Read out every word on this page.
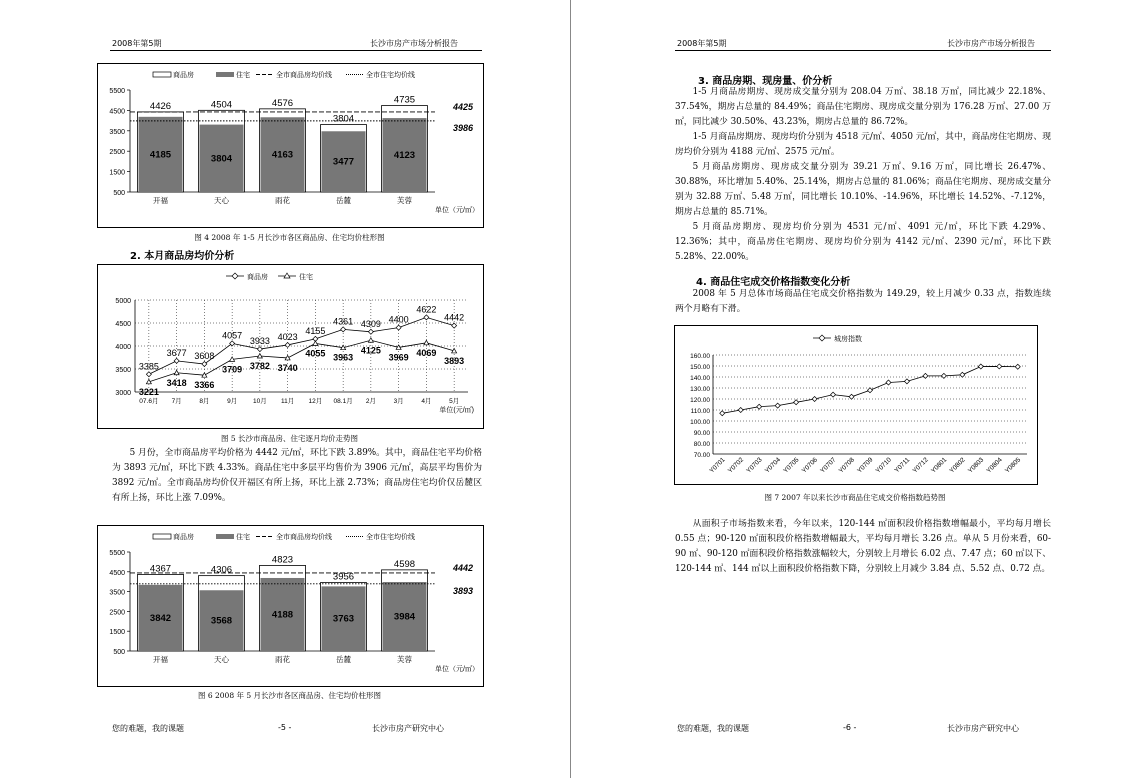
2008年第5期	长沙市房产市场分析报告
商品房	住宅	全市商品房均价线	全市住宅均价线
5500
4500
3500
2500
1500
500
4426
4185
开福
4504
3804
天心
4576
4163
雨花
3804
3477
岳麓
4735
4123
芙蓉
4425
3986
单位（元/㎡）
图 4 2008 年 1-5 月长沙市各区商品房、住宅均价柱形图
2. 本月商品房均价分析
商品房	住宅
5000
4500
4000
3500
3000
07.6月 7月	8月	9月 10月 11月 12月 08.1月 2月	3月	4月	5月
3385
3221
3677
3418
3608
3366
4057
3709
3933
3782
4023
3740
4155
4055
4361
3963
4309
4125
4400
3969
4622
4069
4442
3893
单位(元/㎡)
图 5 长沙市商品房、住宅逐月均价走势图

5 月份，全市商品房平均价格为 4442 元/㎡，环比下跌 3.89%。其中，商品住宅平均价格为 3893 元/㎡，环比下跌 4.33%。商品住宅中多层平均售价为 3906 元/㎡，高层平均售价为 3892 元/㎡。全市商品房均价仅开福区有所上扬，环比上涨 2.73%；商品房住宅均价仅岳麓区有所上扬，环比上涨 7.09%。

商品房	住宅	全市商品房均价线	全市住宅均价线
5500
4500
3500
2500
1500
500
4367
3842
开福
4306
3568
天心
4823
4188
雨花
3956
3763
岳麓
4598
3984
芙蓉
4442
3893
单位（元/㎡）
图 6 2008 年 5 月长沙市各区商品房、住宅均价柱形图
您的难题，我的课题	-5 -	长沙市房产研究中心
2008年第5期	长沙市房产市场分析报告
3. 商品房期、现房量、价分析

1-5 月商品房期房、现房成交量分别为 208.04 万㎡、38.18 万㎡，同比减少 22.18%、37.54%，期房占总量的 84.49%；商品住宅期房、现房成交量分别为 176.28 万㎡、27.00 万㎡，同比减少 30.50%、43.23%，期房占总量的 86.72%。

1-5 月商品房期房、现房均价分别为 4518 元/㎡、4050 元/㎡，其中，商品房住宅期房、现房均价分别为 4188 元/㎡、2575 元/㎡。

5 月商品房期房、现房成交量分别为 39.21 万㎡、9.16 万㎡，同比增长 26.47%、30.88%，环比增加 5.40%、25.14%，期房占总量的 81.06%；商品住宅期房、现房成交量分别为 32.88 万㎡、5.48 万㎡，同比增长 10.10%、-14.96%，环比增长 14.52%、-7.12%，期房占总量的 85.71%。

5 月商品房期房、现房均价分别为 4531 元/㎡、4091 元/㎡，环比下跌 4.29%、12.36%；其中，商品房住宅期房、现房均价分别为 4142 元/㎡、2390 元/㎡，环比下跌 5.28%、22.00%。

4. 商品住宅成交价格指数变化分析

2008 年 5 月总体市场商品住宅成交价格指数为 149.29，较上月减少 0.33 点，指数连续两个月略有下滑。

城房指数
160.00
150.00
140.00
130.00
120.00
110.00
100.00
90.00
80.00
70.00
Y0701 Y0702 Y0703 Y0704 Y0705 Y0706 Y0707 Y0708 Y0709 Y0710 Y0711 Y0712 Y0801 Y0802 Y0803 Y0804 Y0805
图 7 2007 年以来长沙市商品住宅成交价格指数趋势图

从面积子市场指数来看，今年以来，120-144 ㎡面积段价格指数增幅最小，平均每月增长 0.55 点；90-120 ㎡面积段价格指数增幅最大，平均每月增长 3.26 点。单从 5 月份来看，60-90 ㎡、90-120 ㎡面积段价格指数涨幅较大，分别较上月增长 6.02 点、7.47 点；60 ㎡以下、120-144 ㎡、144 ㎡以上面积段价格指数下降，分别较上月减少 3.84 点、5.52 点、0.72 点。

您的难题，我的课题	-6 -	长沙市房产研究中心
